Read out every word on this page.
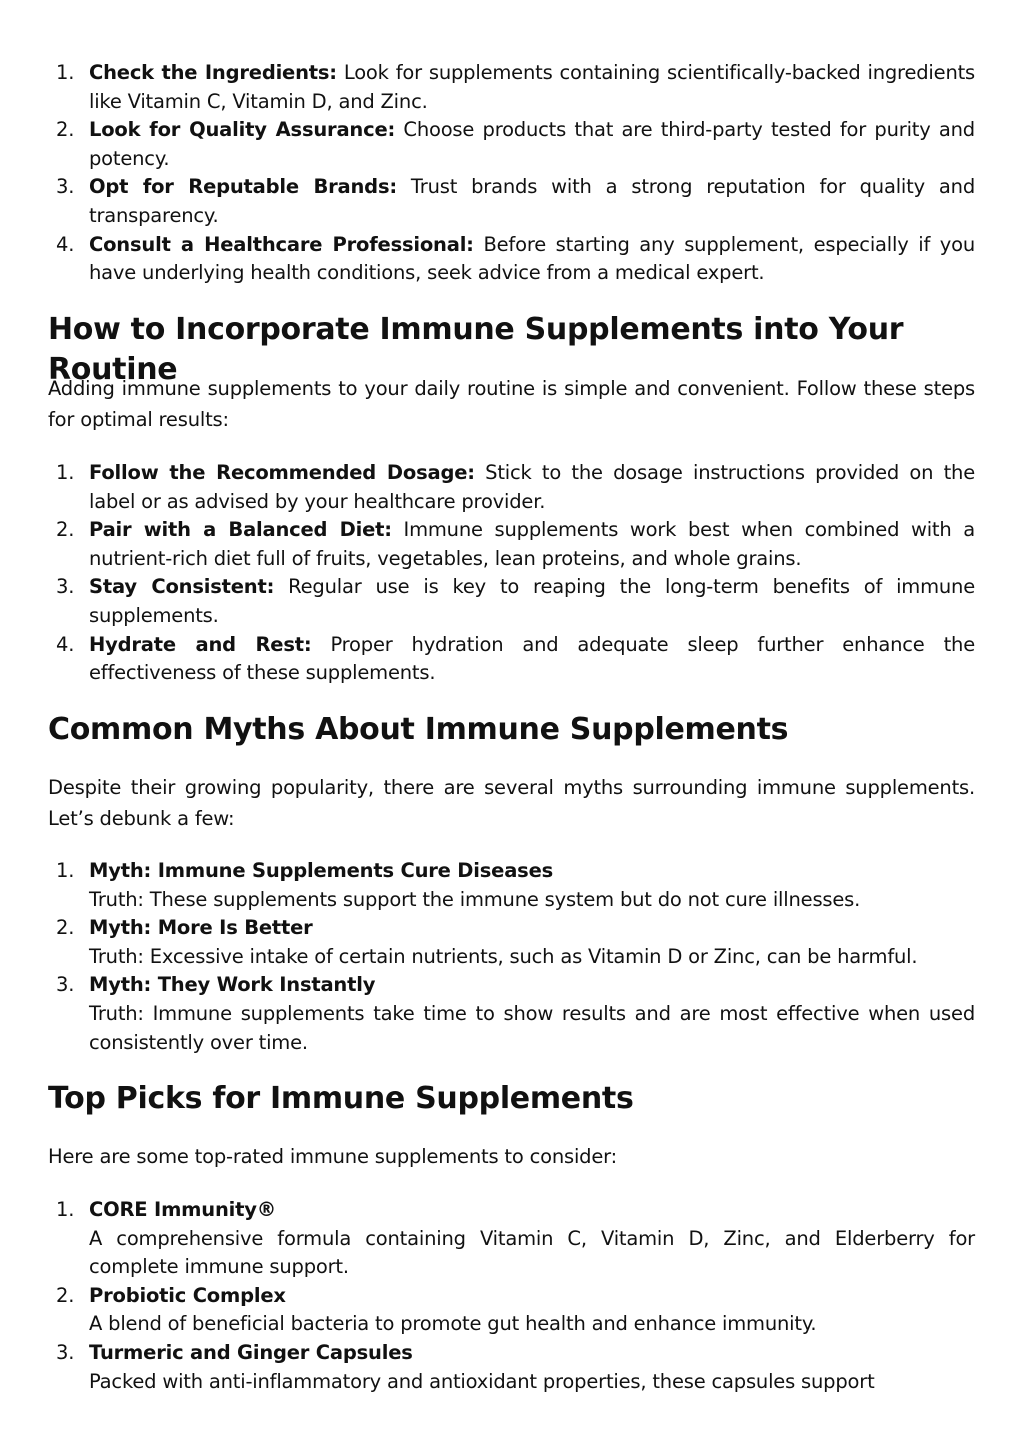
1. Check the Ingredients: Look for supplements containing scientifically-backed ingredients like Vitamin C, Vitamin D, and Zinc.
2. Look for Quality Assurance: Choose products that are third-party tested for purity and potency.
3. Opt for Reputable Brands: Trust brands with a strong reputation for quality and transparency.
4. Consult a Healthcare Professional: Before starting any supplement, especially if you have underlying health conditions, seek advice from a medical expert.
How to Incorporate Immune Supplements into Your Routine

Adding immune supplements to your daily routine is simple and convenient. Follow these steps for optimal results:

1. Follow the Recommended Dosage: Stick to the dosage instructions provided on the label or as advised by your healthcare provider.
2. Pair with a Balanced Diet: Immune supplements work best when combined with a nutrient-rich diet full of fruits, vegetables, lean proteins, and whole grains.
3. Stay Consistent: Regular use is key to reaping the long-term benefits of immune supplements.
4. Hydrate and Rest: Proper hydration and adequate sleep further enhance the effectiveness of these supplements.
Common Myths About Immune Supplements

Despite their growing popularity, there are several myths surrounding immune supplements. Let’s debunk a few:

1. Myth: Immune Supplements Cure Diseases
Truth: These supplements support the immune system but do not cure illnesses.
2. Myth: More Is Better
Truth: Excessive intake of certain nutrients, such as Vitamin D or Zinc, can be harmful.
3. Myth: They Work Instantly
Truth: Immune supplements take time to show results and are most effective when used consistently over time.
Top Picks for Immune Supplements

Here are some top-rated immune supplements to consider:

1. CORE Immunity®
A comprehensive formula containing Vitamin C, Vitamin D, Zinc, and Elderberry for complete immune support.
2. Probiotic Complex
A blend of beneficial bacteria to promote gut health and enhance immunity.
3. Turmeric and Ginger Capsules
Packed with anti-inflammatory and antioxidant properties, these capsules support
